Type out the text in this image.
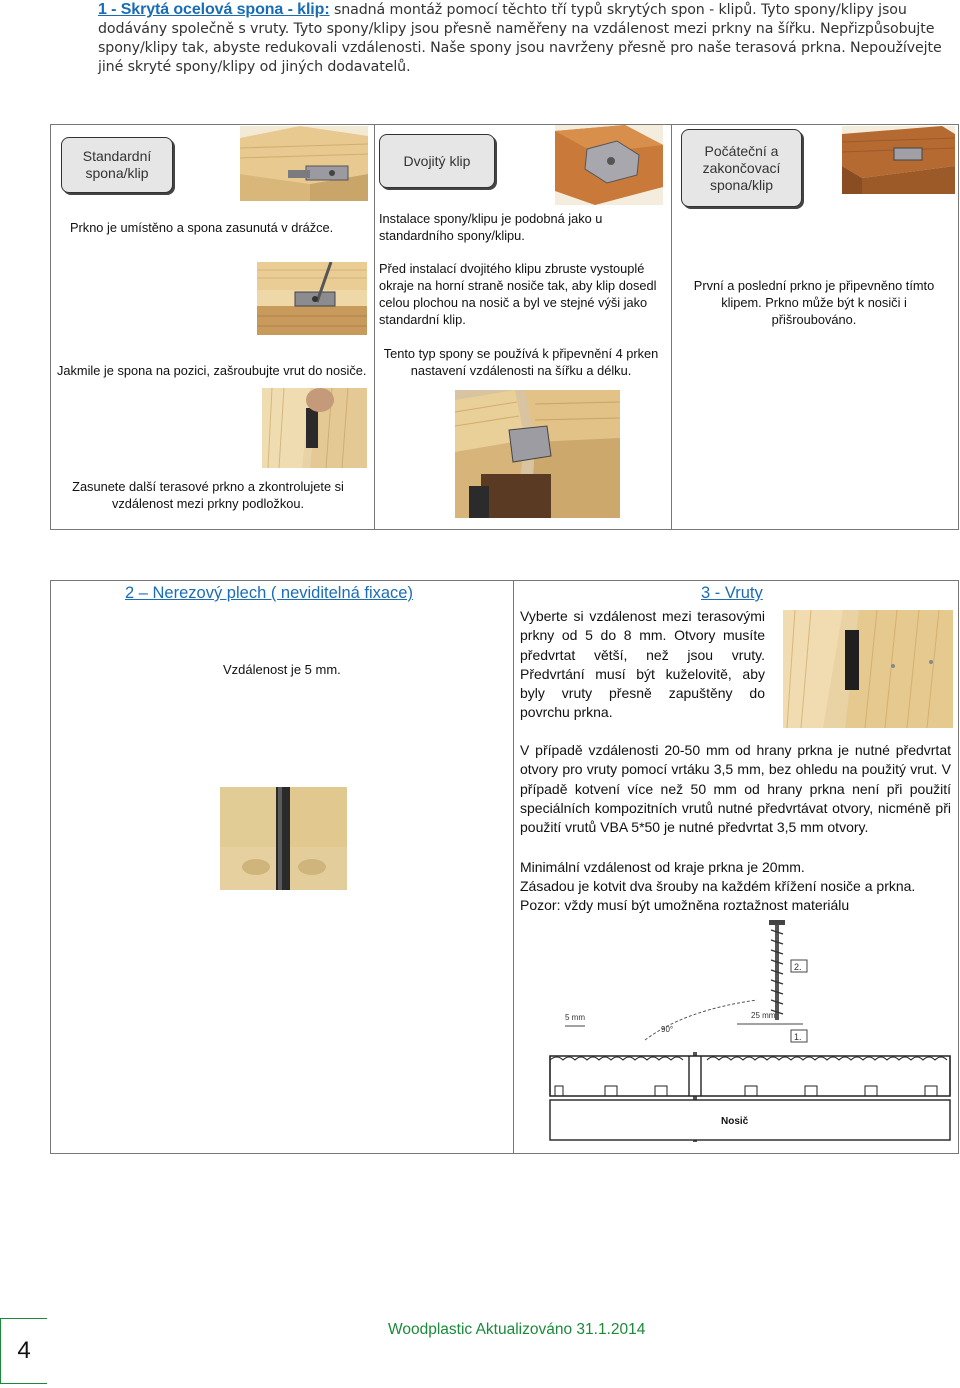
1 - Skrytá ocelová spona - klip: snadná montáž pomocí těchto tří typů skrytých spon - klipů. Tyto spony/klipy jsou dodávány společně s vruty. Tyto spony/klipy jsou přesně naměřeny na vzdálenost mezi prkny na šířku. Nepřizpůsobujte spony/klipy tak, abyste redukovali vzdálenosti. Naše spony jsou navrženy přesně pro naše terasová prkna. Nepoužívejte jiné skryté spony/klipy od jiných dodavatelů.
Standardní spona/klip
Prkno je umístěno a spona zasunutá v drážce.
Jakmile je spona na pozici, zašroubujte vrut do nosiče.
Zasunete další terasové prkno a zkontrolujete si vzdálenost mezi prkny podložkou.
Dvojitý klip
Instalace spony/klipu je podobná jako u standardního spony/klipu.
Před instalací dvojitého klipu zbruste vystouplé okraje na horní straně nosiče tak, aby klip dosedl celou plochou na nosič a byl ve stejné výši jako standardní klip.
Tento typ spony se používá k připevnění 4 prken nastavení vzdálenosti na šířku a délku.
Počáteční a zakončovací spona/klip
První a poslední prkno je připevněno tímto klipem. Prkno může být k nosiči i přišroubováno.
2 – Nerezový plech ( neviditelná fixace)
Vzdálenost je 5 mm.
3 - Vruty
Vyberte si vzdálenost mezi terasovými prkny od 5 do 8 mm. Otvory musíte předvrtat větší, než jsou vruty. Předvrtání musí být kuželovitě, aby byly vruty přesně zapuštěny do povrchu prkna.
V případě vzdálenosti 20-50 mm od hrany prkna je nutné předvrtat otvory pro vruty pomocí vrtáku 3,5 mm, bez ohledu na použitý vrut. V případě kotvení více než 50 mm od hrany prkna není při použití speciálních kompozitních vrutů nutné předvrtávat otvory, nicméně při použití vrutů VBA 5*50 je nutné předvrtat 3,5 mm otvory.
Minimální vzdálenost od kraje prkna je 20mm.
Zásadou je kotvit dva šrouby na každém křížení nosiče a prkna.
Pozor: vždy musí být umožněna roztažnost materiálu
5 mm	25 mm
90°
2.
1.
Nosič
Woodplastic Aktualizováno 31.1.2014
4
